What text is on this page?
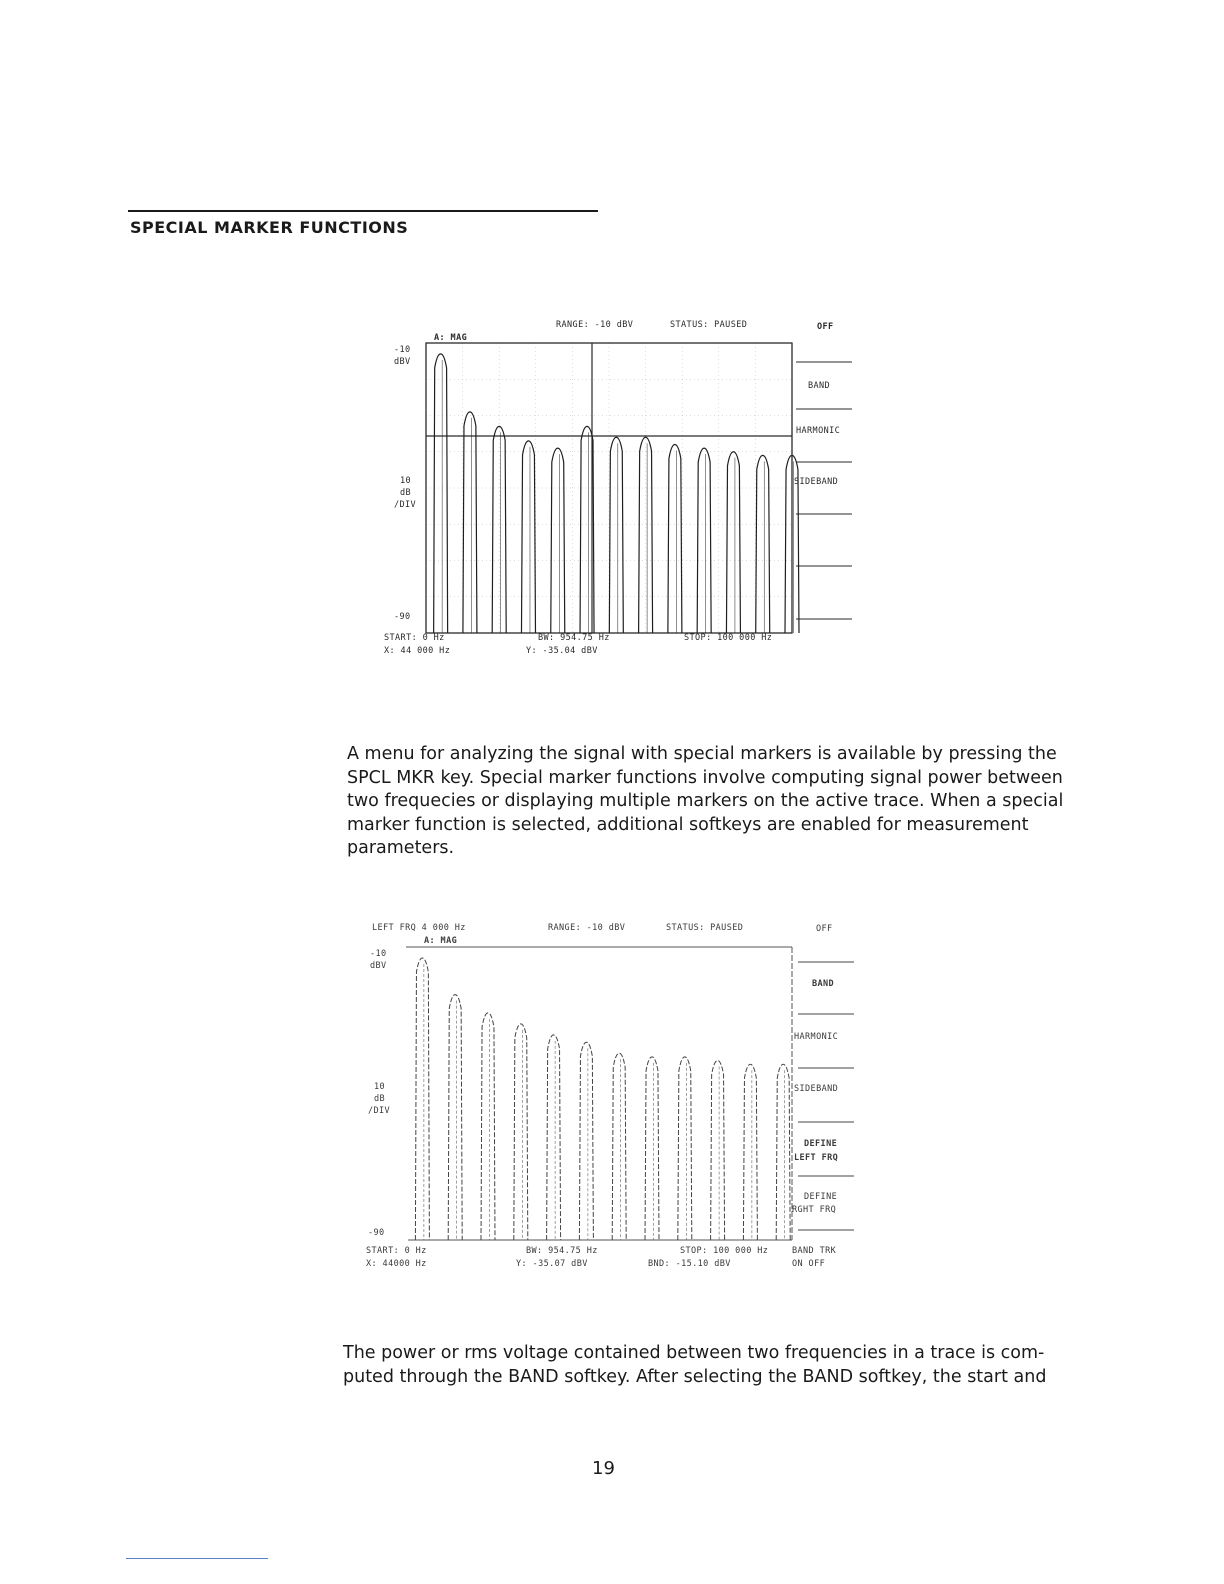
SPECIAL MARKER FUNCTIONS
RANGE: -10 dBV	STATUS: PAUSED	OFF
A: MAG
-10
dBV
10
dB
/DIV
-90
START: 0 Hz	BW: 954.75 Hz	STOP: 100 000 Hz
X: 44 000 Hz	Y: -35.04 dBV
BAND
HARMONIC
SIDEBAND
A menu for analyzing the signal with special markers is available by pressing the
SPCL MKR key. Special marker functions involve computing signal power between
two frequecies or displaying multiple markers on the active trace. When a special
marker function is selected, additional softkeys are enabled for measurement
parameters.
LEFT FRQ 4 000 Hz	RANGE: -10 dBV	STATUS: PAUSED	OFF
A: MAG
-10
dBV
10
dB
/DIV
-90
START: 0 Hz	BW: 954.75 Hz	STOP: 100 000 Hz
X: 44000 Hz	Y: -35.07 dBV	BND: -15.10 dBV
BAND
HARMONIC
SIDEBAND
DEFINE
LEFT FRQ
DEFINE
RGHT FRQ
BAND TRK
ON OFF
The power or rms voltage contained between two frequencies in a trace is com-
puted through the BAND softkey. After selecting the BAND softkey, the start and
19
